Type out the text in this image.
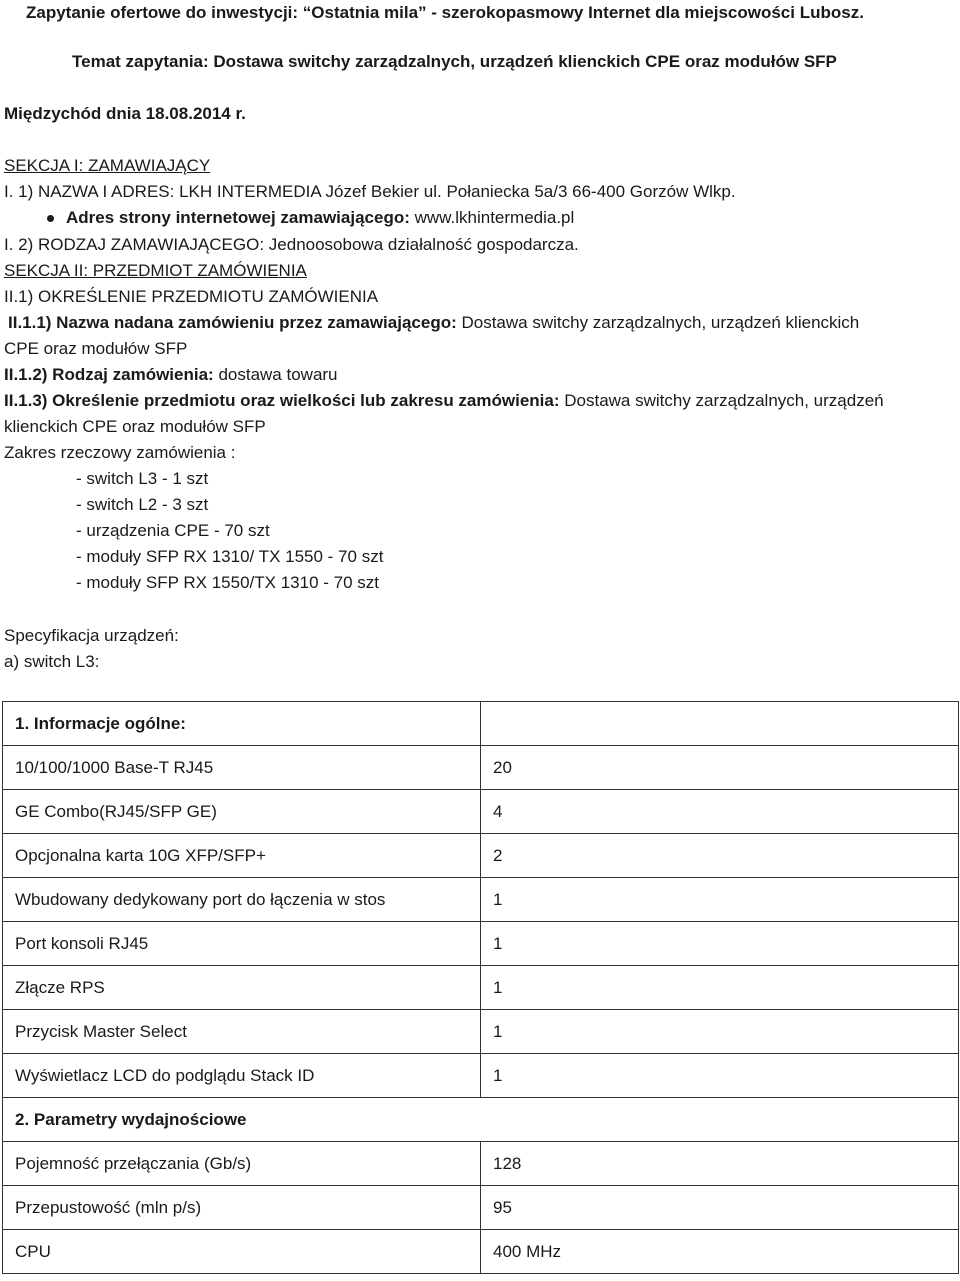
Zapytanie ofertowe do inwestycji: “Ostatnia mila” - szerokopasmowy Internet dla miejscowości Lubosz.
Temat zapytania: Dostawa switchy zarządzalnych, urządzeń klienckich CPE oraz modułów SFP
Międzychód dnia 18.08.2014 r.
SEKCJA I: ZAMAWIAJĄCY
I. 1) NAZWA I ADRES: LKH INTERMEDIA Józef Bekier ul. Połaniecka 5a/3 66-400 Gorzów Wlkp.
Adres strony internetowej zamawiającego: www.lkhintermedia.pl
I. 2) RODZAJ ZAMAWIAJĄCEGO: Jednoosobowa działalność gospodarcza.
SEKCJA II: PRZEDMIOT ZAMÓWIENIA
II.1) OKREŚLENIE PRZEDMIOTU ZAMÓWIENIA
II.1.1) Nazwa nadana zamówieniu przez zamawiającego: Dostawa switchy zarządzalnych, urządzeń klienckich
CPE oraz modułów SFP
II.1.2) Rodzaj zamówienia: dostawa towaru
II.1.3) Określenie przedmiotu oraz wielkości lub zakresu zamówienia: Dostawa switchy zarządzalnych, urządzeń
klienckich CPE oraz modułów SFP
Zakres rzeczowy zamówienia :
- switch L3 - 1 szt
- switch L2 - 3 szt
- urządzenia CPE - 70 szt
- moduły SFP RX 1310/ TX 1550 - 70 szt
- moduły SFP RX 1550/TX 1310 - 70 szt
Specyfikacja urządzeń:
a) switch L3:
1. Informacje ogólne:	
10/100/1000 Base-T RJ45	20
GE Combo(RJ45/SFP GE)	4
Opcjonalna karta 10G XFP/SFP+	2
Wbudowany dedykowany port do łączenia w stos	1
Port konsoli RJ45	1
Złącze RPS	1
Przycisk Master Select	1
Wyświetlacz LCD do podglądu Stack ID	1
2. Parametry wydajnościowe	
Pojemność przełączania (Gb/s)	128
Przepustowość (mln p/s)	95
CPU	400 MHz
